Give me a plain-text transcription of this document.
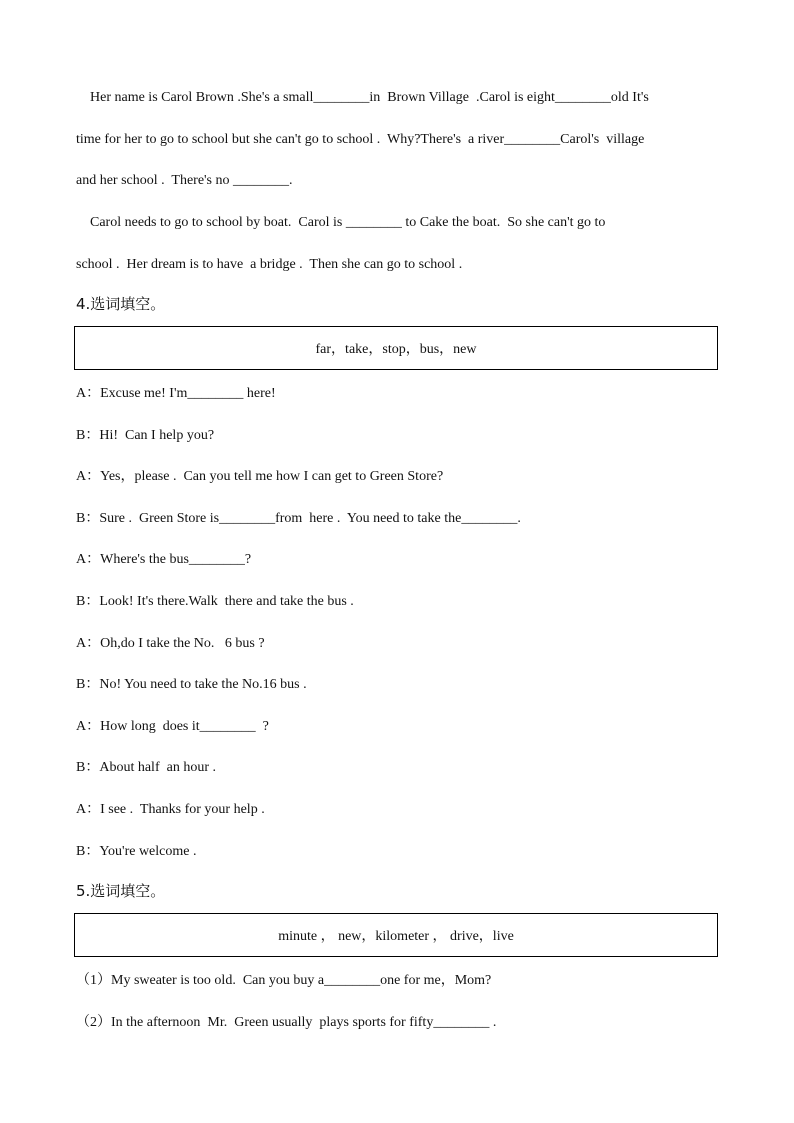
Her name is Carol Brown .She's a small________in  Brown Village  .Carol is eight________old It's
time for her to go to school but she can't go to school .  Why?There's  a river________Carol's  village
and her school .  There's no ________.
Carol needs to go to school by boat.  Carol is ________ to Cake the boat.  So she can't go to
school .  Her dream is to have  a bridge .  Then she can go to school .
4.选词填空。
far，take，stop，bus，new
A：Excuse me! I'm________ here!
B：Hi!  Can I help you?
A：Yes，please .  Can you tell me how I can get to Green Store?
B：Sure .  Green Store is________from  here .  You need to take the________.
A：Where's the bus________?
B：Look! It's there.Walk  there and take the bus .
A：Oh,do I take the No.   6 bus ?
B：No! You need to take the No.16 bus .
A：How long  does it________  ?
B：About half  an hour .
A：I see .  Thanks for your help .
B：You're welcome .
5.选词填空。
minute ， new，kilometer ， drive，live
（1）My sweater is too old.  Can you buy a________one for me，Mom?
（2）In the afternoon  Mr.  Green usually  plays sports for fifty________ .
